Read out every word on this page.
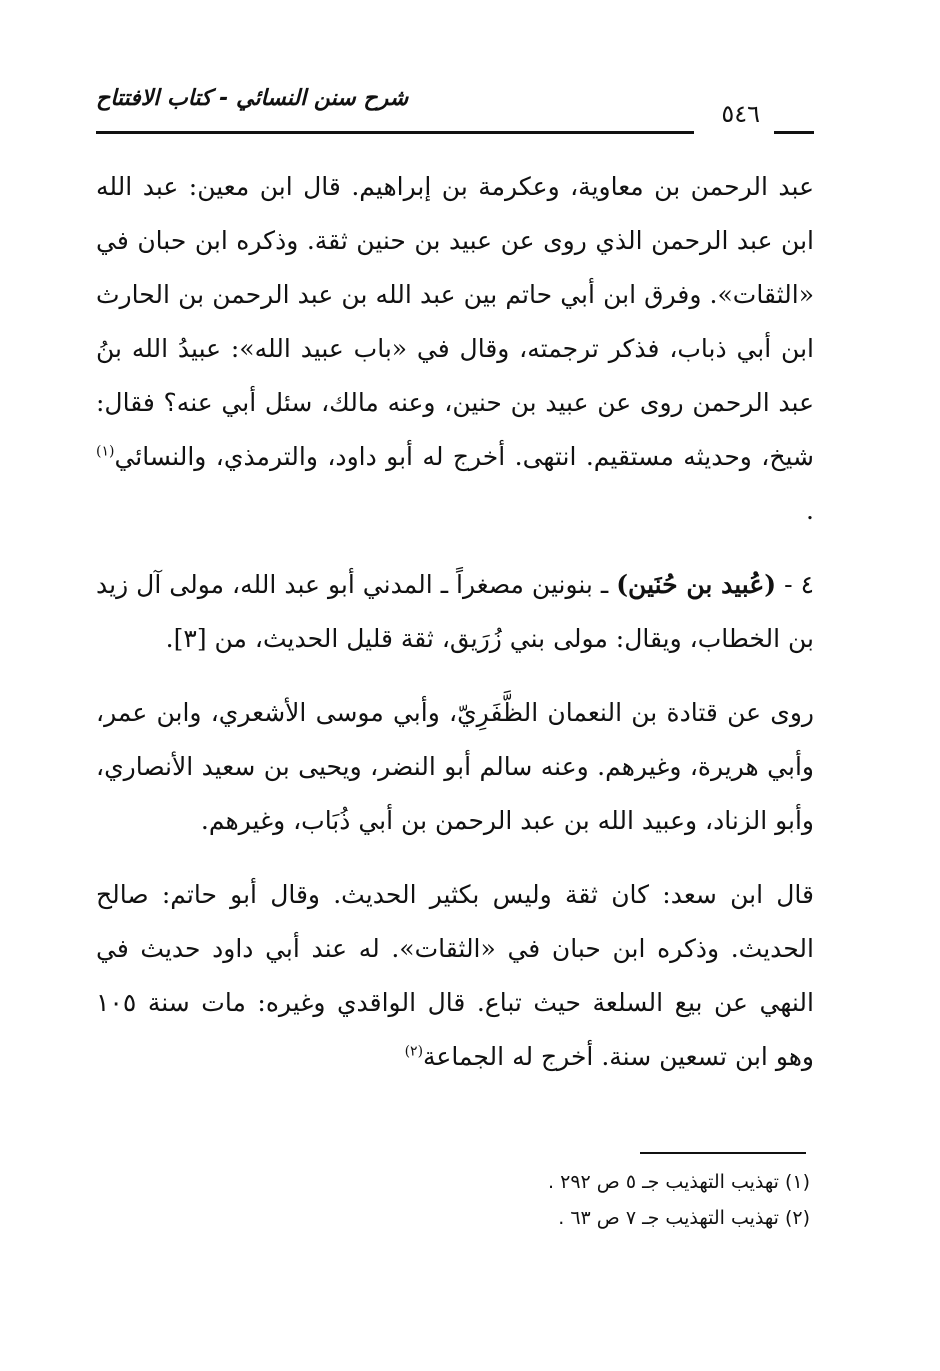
شرح سنن النسائي - كتاب الافتتاح
٥٤٦

عبد الرحمن بن معاوية، وعكرمة بن إبراهيم. قال ابن معين: عبد الله ابن عبد الرحمن الذي روى عن عبيد بن حنين ثقة. وذكره ابن حبان في «الثقات». وفرق ابن أبي حاتم بين عبد الله بن عبد الرحمن بن الحارث ابن أبي ذباب، فذكر ترجمته، وقال في «باب عبيد الله»: عبيدُ الله بنُ عبد الرحمن روى عن عبيد بن حنين، وعنه مالك، سئل أبي عنه؟ فقال: شيخ، وحديثه مستقيم. انتهى. أخرج له أبو داود، والترمذي، والنسائي$^{(١)}$ .

٤ - (عُبيد بن حُنَين) ـ بنونين مصغراً ـ المدني أبو عبد الله، مولى آل زيد بن الخطاب، ويقال: مولى بني زُرَيق، ثقة قليل الحديث، من [٣].

روى عن قتادة بن النعمان الظَّفَرِيّ، وأبي موسى الأشعري، وابن عمر، وأبي هريرة، وغيرهم. وعنه سالم أبو النضر، ويحيى بن سعيد الأنصاري، وأبو الزناد، وعبيد الله بن عبد الرحمن بن أبي ذُبَاب، وغيرهم.

قال ابن سعد: كان ثقة وليس بكثير الحديث. وقال أبو حاتم: صالح الحديث. وذكره ابن حبان في «الثقات». له عند أبي داود حديث في النهي عن بيع السلعة حيث تباع. قال الواقدي وغيره: مات سنة ١٠٥ وهو ابن تسعين سنة. أخرج له الجماعة$^{(٢)}$

(١) تهذيب التهذيب جـ ٥ ص ٢٩٢ .

(٢) تهذيب التهذيب جـ ٧ ص ٦٣ .
